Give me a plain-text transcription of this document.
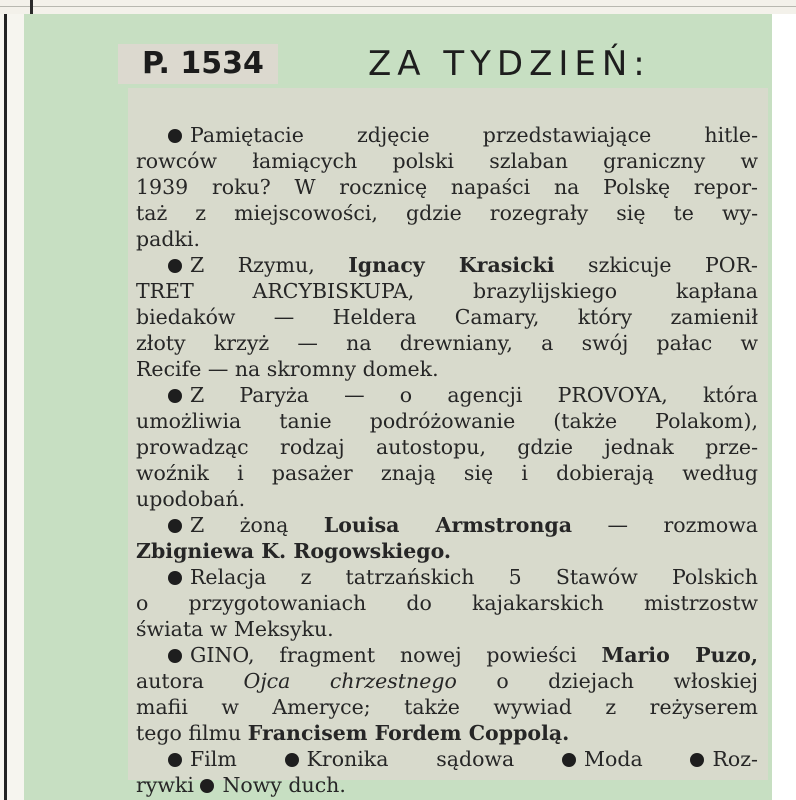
P. 1534	ZA TYDZIEŃ:
Pamiętacie zdjęcie przedstawiające hitle-
rowców łamiących polski szlaban graniczny w
1939 roku? W rocznicę napaści na Polskę repor-
taż z miejscowości, gdzie rozegrały się te wy-
padki.
Z Rzymu, Ignacy Krasicki szkicuje POR-
TRET ARCYBISKUPA, brazylijskiego kapłana
biedaków — Heldera Camary, który zamienił
złoty krzyż — na drewniany, a swój pałac w
Recife — na skromny domek.
Z Paryża — o agencji PROVOYA, która
umożliwia tanie podróżowanie (także Polakom),
prowadząc rodzaj autostopu, gdzie jednak prze-
woźnik i pasażer znają się i dobierają według
upodobań.
Z żoną Louisa Armstronga — rozmowa
Zbigniewa K. Rogowskiego.
Relacja z tatrzańskich 5 Stawów Polskich
o przygotowaniach do kajakarskich mistrzostw
świata w Meksyku.
GINO, fragment nowej powieści Mario Puzo,
autora Ojca chrzestnego o dziejach włoskiej
mafii w Ameryce; także wywiad z reżyserem
tego filmu Francisem Fordem Coppolą.
Film	Kronika sądowa	Moda	Roz-
rywki Nowy duch.
